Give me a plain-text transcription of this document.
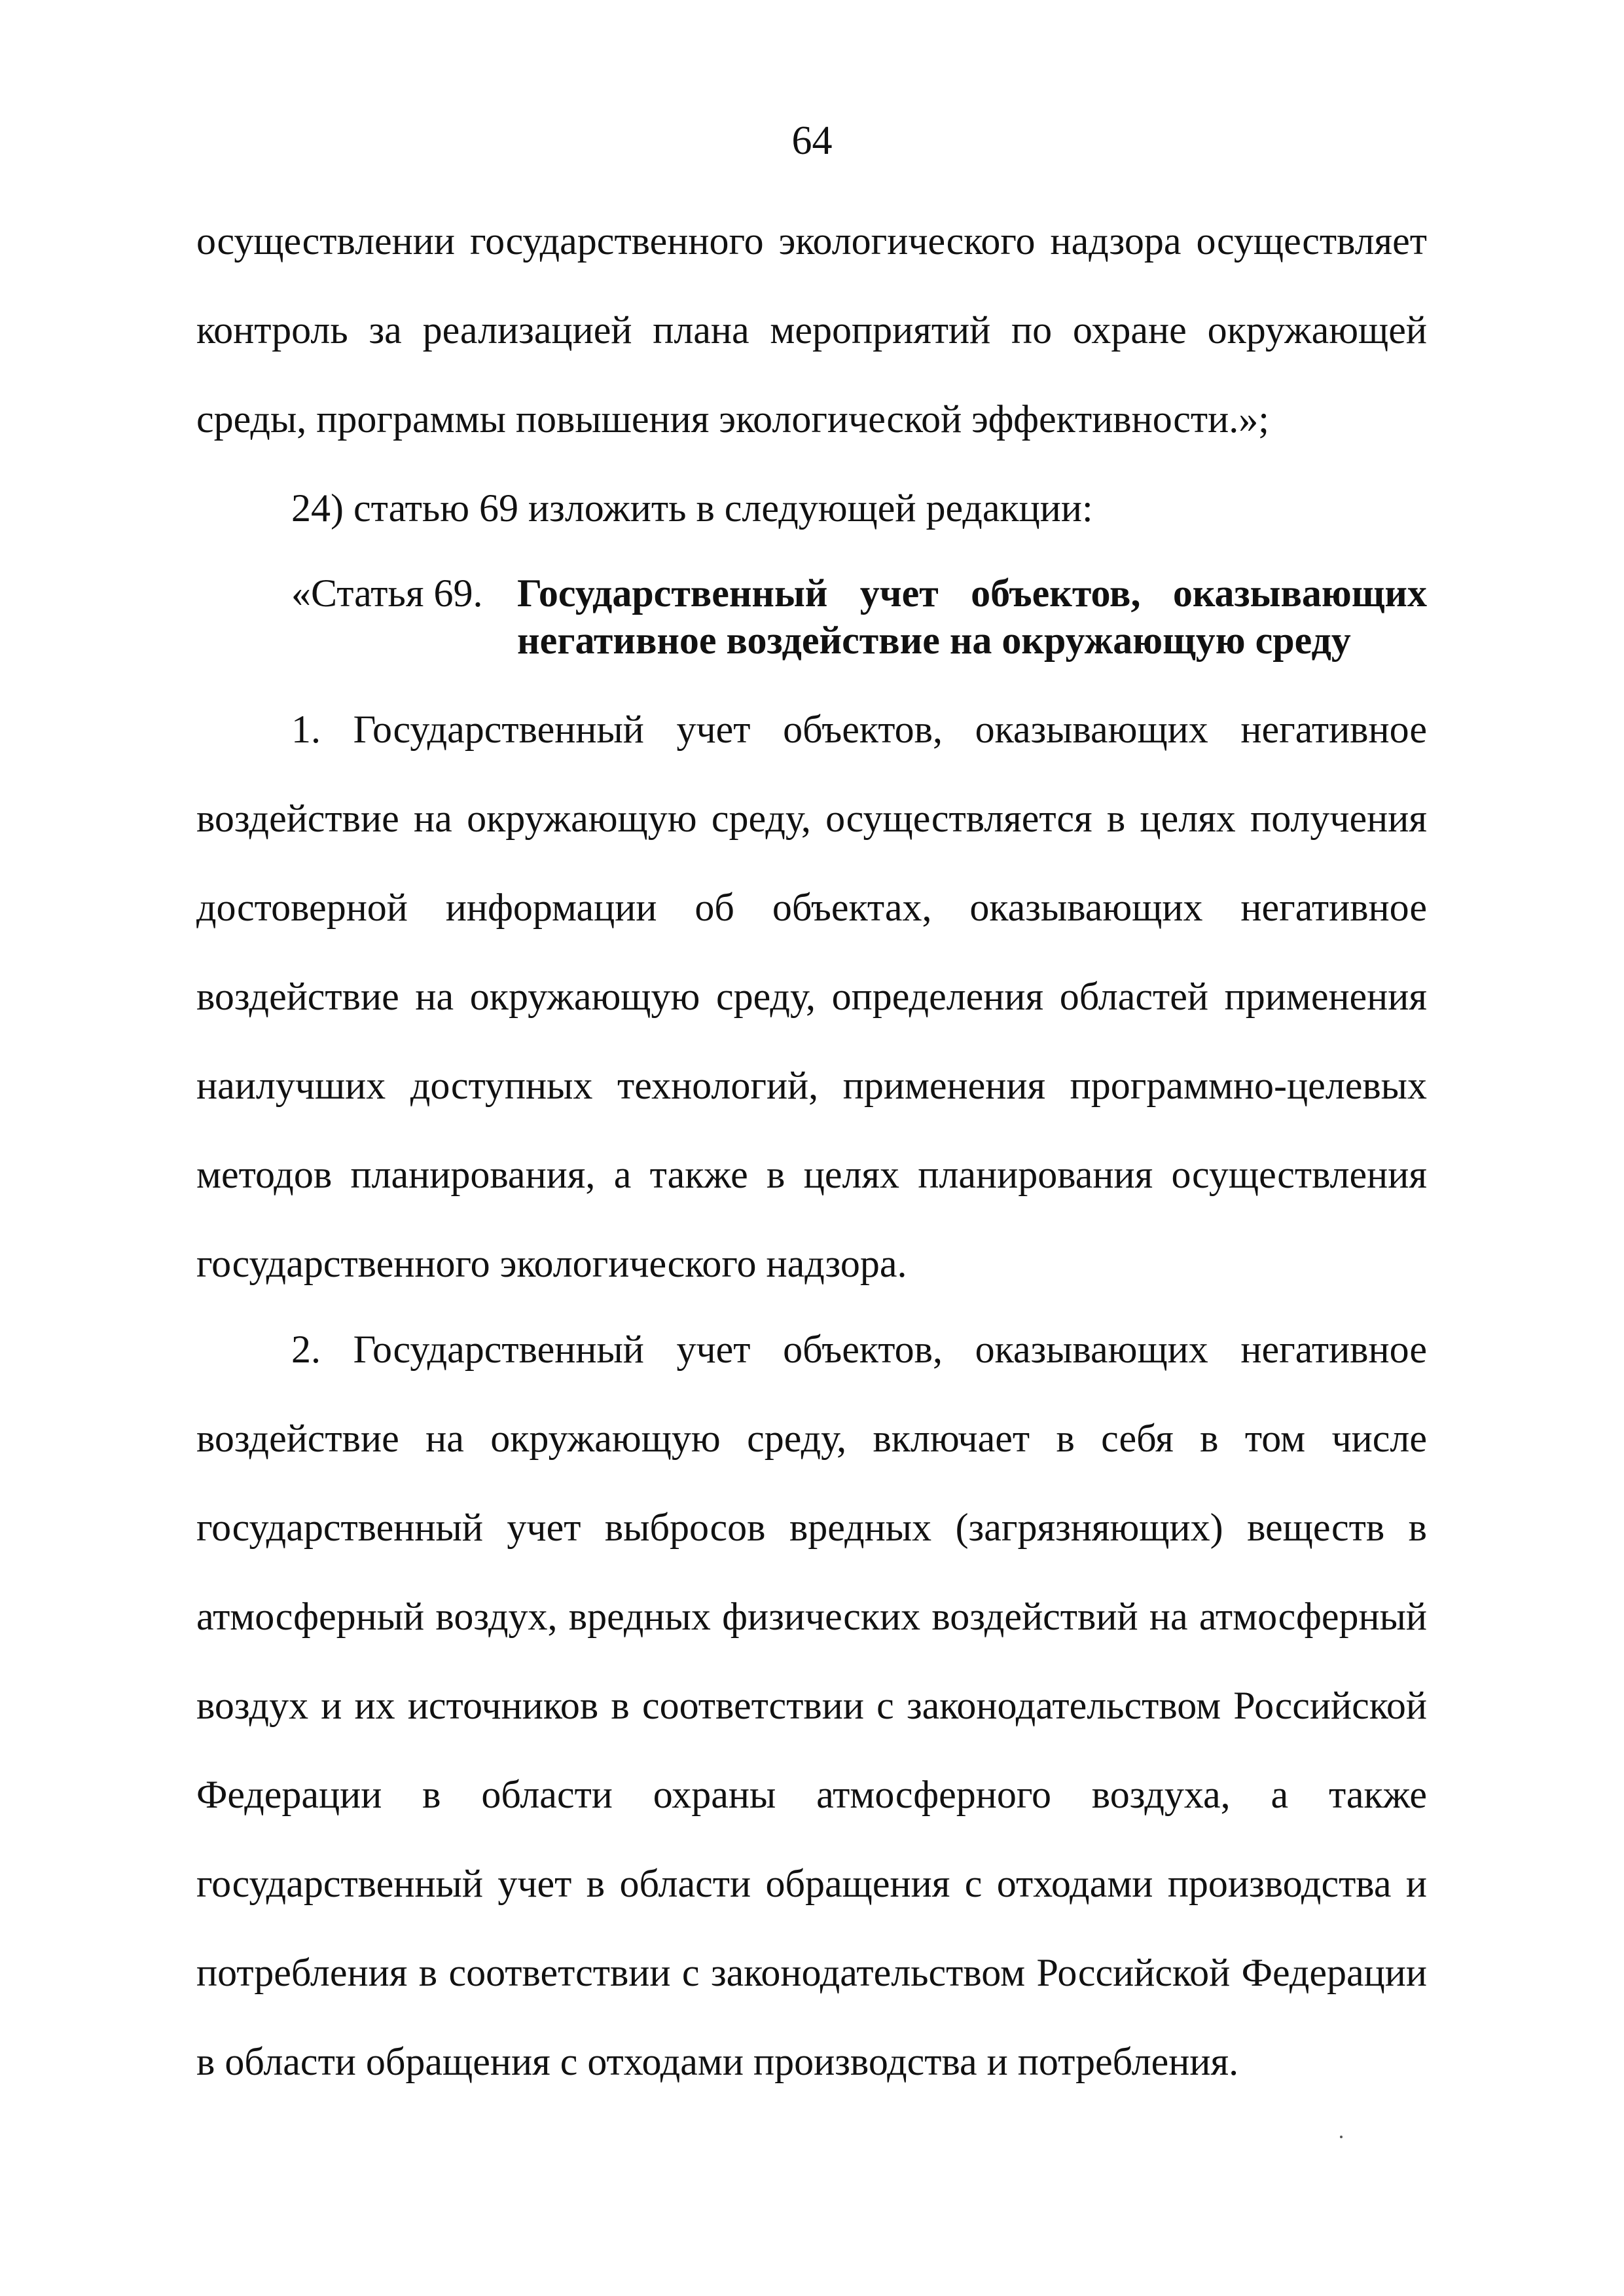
64

осуществлении государственного экологического надзора осуществляет контроль за реализацией плана мероприятий по охране окружающей среды, программы повышения экологической эффективности.»;

24) статью 69 изложить в следующей редакции:

«Статья 69. Государственный учет объектов, оказывающих негативное воздействие на окружающую среду

1. Государственный учет объектов, оказывающих негативное воздействие на окружающую среду, осуществляется в целях получения достоверной информации об объектах, оказывающих негативное воздействие на окружающую среду, определения областей применения наилучших доступных технологий, применения программно-целевых методов планирования, а также в целях планирования осуществления государственного экологического надзора.

2. Государственный учет объектов, оказывающих негативное воздействие на окружающую среду, включает в себя в том числе государственный учет выбросов вредных (загрязняющих) веществ в атмосферный воздух, вредных физических воздействий на атмосферный воздух и их источников в соответствии с законодательством Российской Федерации в области охраны атмосферного воздуха, а также государственный учет в области обращения с отходами производства и потребления в соответствии с законодательством Российской Федерации в области обращения с отходами производства и потребления.
